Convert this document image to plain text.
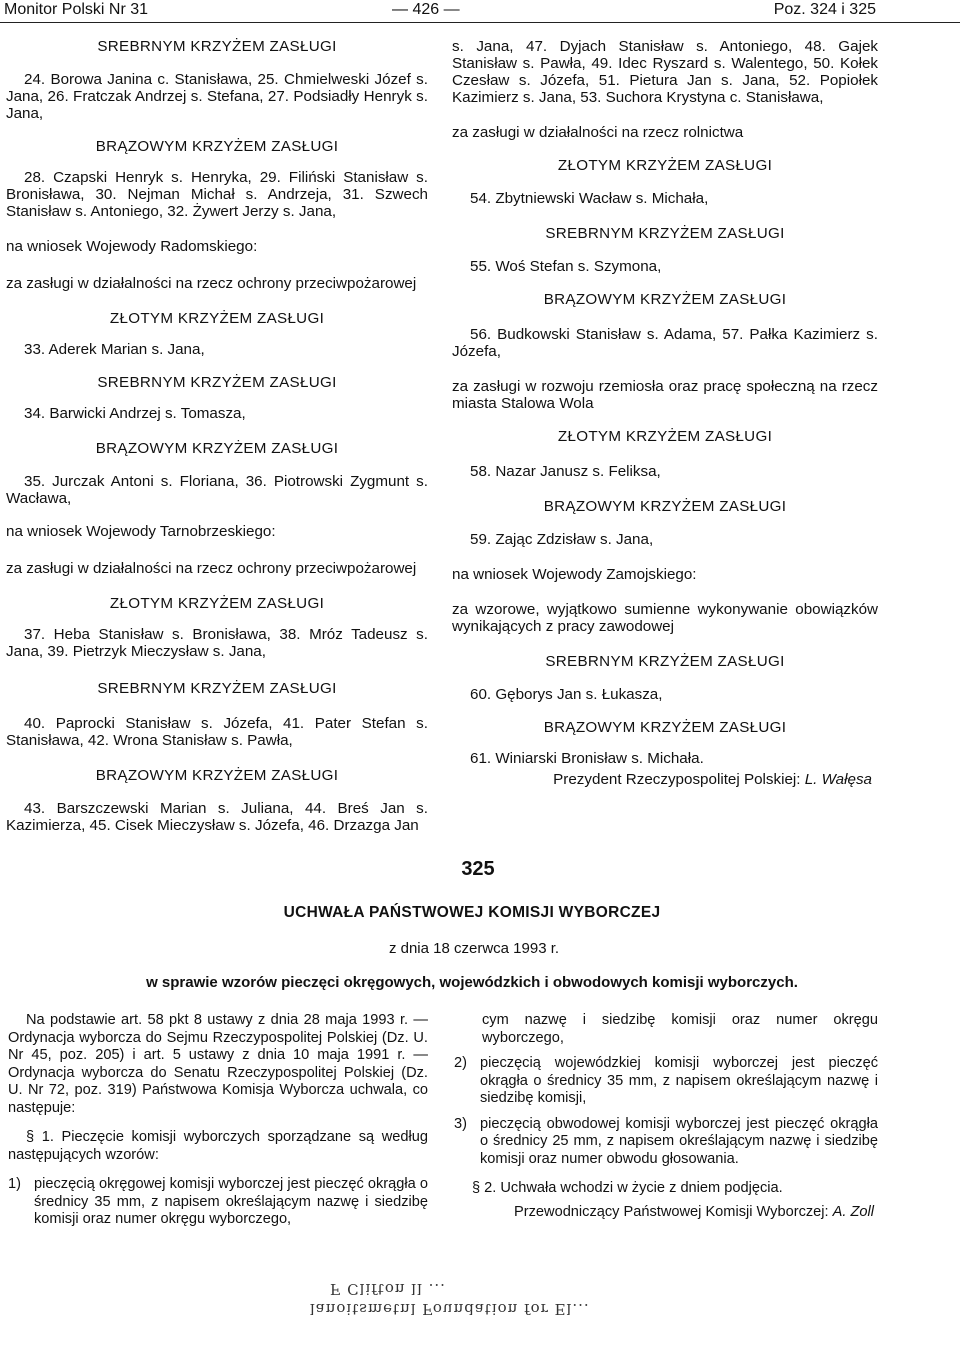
Monitor Polski Nr 31	— 426 —	Poz. 324 i 325

SREBRNYM KRZYŻEM ZASŁUGI

24. Borowa Janina c. Stanisława, 25. Chmielweski Józef s. Jana, 26. Fratczak Andrzej s. Stefana, 27. Podsiadły Henryk s. Jana,

BRĄZOWYM KRZYŻEM ZASŁUGI

28. Czapski Henryk s. Henryka, 29. Filiński Stanisław s. Bronisława, 30. Nejman Michał s. Andrzeja, 31. Szwech Stanisław s. Antoniego, 32. Żywert Jerzy s. Jana,

na wniosek Wojewody Radomskiego:

za zasługi w działalności na rzecz ochrony przeciwpożarowej

ZŁOTYM KRZYŻEM ZASŁUGI

33. Aderek Marian s. Jana,

SREBRNYM KRZYŻEM ZASŁUGI

34. Barwicki Andrzej s. Tomasza,

BRĄZOWYM KRZYŻEM ZASŁUGI

35. Jurczak Antoni s. Floriana, 36. Piotrowski Zygmunt s. Wacława,

na wniosek Wojewody Tarnobrzeskiego:

za zasługi w działalności na rzecz ochrony przeciwpożarowej

ZŁOTYM KRZYŻEM ZASŁUGI

37. Heba Stanisław s. Bronisława, 38. Mróz Tadeusz s. Jana, 39. Pietrzyk Mieczysław s. Jana,

SREBRNYM KRZYŻEM ZASŁUGI

40. Paprocki Stanisław s. Józefa, 41. Pater Stefan s. Stanisława, 42. Wrona Stanisław s. Pawła,

BRĄZOWYM KRZYŻEM ZASŁUGI

43. Barszczewski Marian s. Juliana, 44. Breś Jan s. Kazimierza, 45. Cisek Mieczysław s. Józefa, 46. Drzazga Jan

s. Jana, 47. Dyjach Stanisław s. Antoniego, 48. Gajek Stanisław s. Pawła, 49. Idec Ryszard s. Walentego, 50. Kołek Czesław s. Józefa, 51. Pietura Jan s. Jana, 52. Popiołek Kazimierz s. Jana, 53. Suchora Krystyna c. Stanisława,

za zasługi w działalności na rzecz rolnictwa

ZŁOTYM KRZYŻEM ZASŁUGI

54. Zbytniewski Wacław s. Michała,

SREBRNYM KRZYŻEM ZASŁUGI

55. Woś Stefan s. Szymona,

BRĄZOWYM KRZYŻEM ZASŁUGI

56. Budkowski Stanisław s. Adama, 57. Pałka Kazimierz s. Józefa,

za zasługi w rozwoju rzemiosła oraz pracę społeczną na rzecz miasta Stalowa Wola

ZŁOTYM KRZYŻEM ZASŁUGI

58. Nazar Janusz s. Feliksa,

BRĄZOWYM KRZYŻEM ZASŁUGI

59. Zając Zdzisław s. Jana,

na wniosek Wojewody Zamojskiego:

za wzorowe, wyjątkowo sumienne wykonywanie obowiązków wynikających z pracy zawodowej

SREBRNYM KRZYŻEM ZASŁUGI

60. Gęborys Jan s. Łukasza,

BRĄZOWYM KRZYŻEM ZASŁUGI

61. Winiarski Bronisław s. Michała.

Prezydent Rzeczypospolitej Polskiej: L. Wałęsa

325
UCHWAŁA PAŃSTWOWEJ KOMISJI WYBORCZEJ
z dnia 18 czerwca 1993 r.
w sprawie wzorów pieczęci okręgowych, wojewódzkich i obwodowych komisji wyborczych.

Na podstawie art. 58 pkt 8 ustawy z dnia 28 maja 1993 r. — Ordynacja wyborcza do Sejmu Rzeczypospolitej Polskiej (Dz. U. Nr 45, poz. 205) i art. 5 ustawy z dnia 10 maja 1991 r. — Ordynacja wyborcza do Senatu Rzeczypospolitej Polskiej (Dz. U. Nr 72, poz. 319) Państwowa Komisja Wyborcza uchwala, co następuje:

§ 1. Pieczęcie komisji wyborczych sporządzane są według następujących wzorów:

1) pieczęcią okręgowej komisji wyborczej jest pieczęć okrągła o średnicy 35 mm, z napisem określającym nazwę i siedzibę komisji oraz numer okręgu wyborczego,

cym nazwę i siedzibę komisji oraz numer okręgu wyborczego,

2) pieczęcią wojewódzkiej komisji wyborczej jest pieczęć okrągła o średnicy 35 mm, z napisem określającym nazwę i siedzibę komisji,
3) pieczęcią obwodowej komisji wyborczej jest pieczęć okrągła o średnicy 25 mm, z napisem określającym nazwę i siedzibę komisji oraz numer obwodu głosowania.

§ 2. Uchwała wchodzi w życie z dniem podjęcia.

Przewodniczący Państwowej Komisji Wyborczej: A. Zoll

F Clifton ll ...
lanoitsmetnl Foundation for El...
